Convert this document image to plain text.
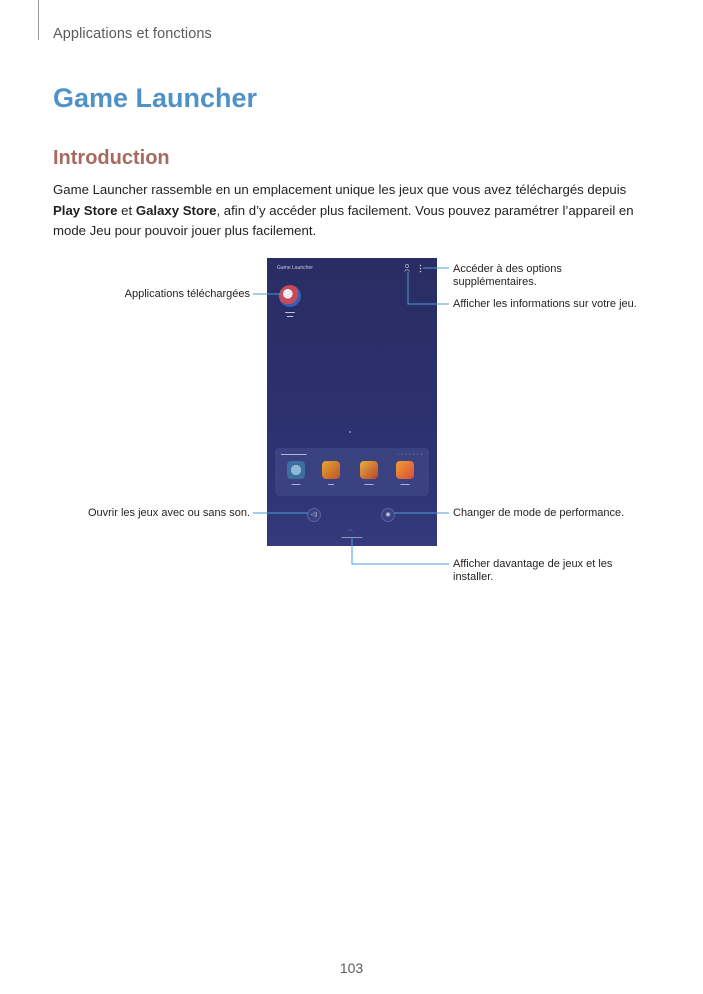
Applications et fonctions
Game Launcher
Introduction

Game Launcher rassemble en un emplacement unique les jeux que vous avez téléchargés depuis
Play Store et Galaxy Store, afin d’y accéder plus facilement. Vous pouvez paramétrer l’appareil en mode Jeu pour pouvoir jouer plus facilement.

Game Launcher
▬▬▬
▬▬
▬▬▬▬▬▬▬▬	• • • • • • •
▬▬▬	▬▬	▬▬▬	▬▬▬
◁)	◉
︿
▬▬▬▬▬▬▬
Applications téléchargées
Accéder à des options supplémentaires.
Afficher les informations sur votre jeu.
Ouvrir les jeux avec ou sans son.	Changer de mode de performance.
Afficher davantage de jeux et les installer.
103
